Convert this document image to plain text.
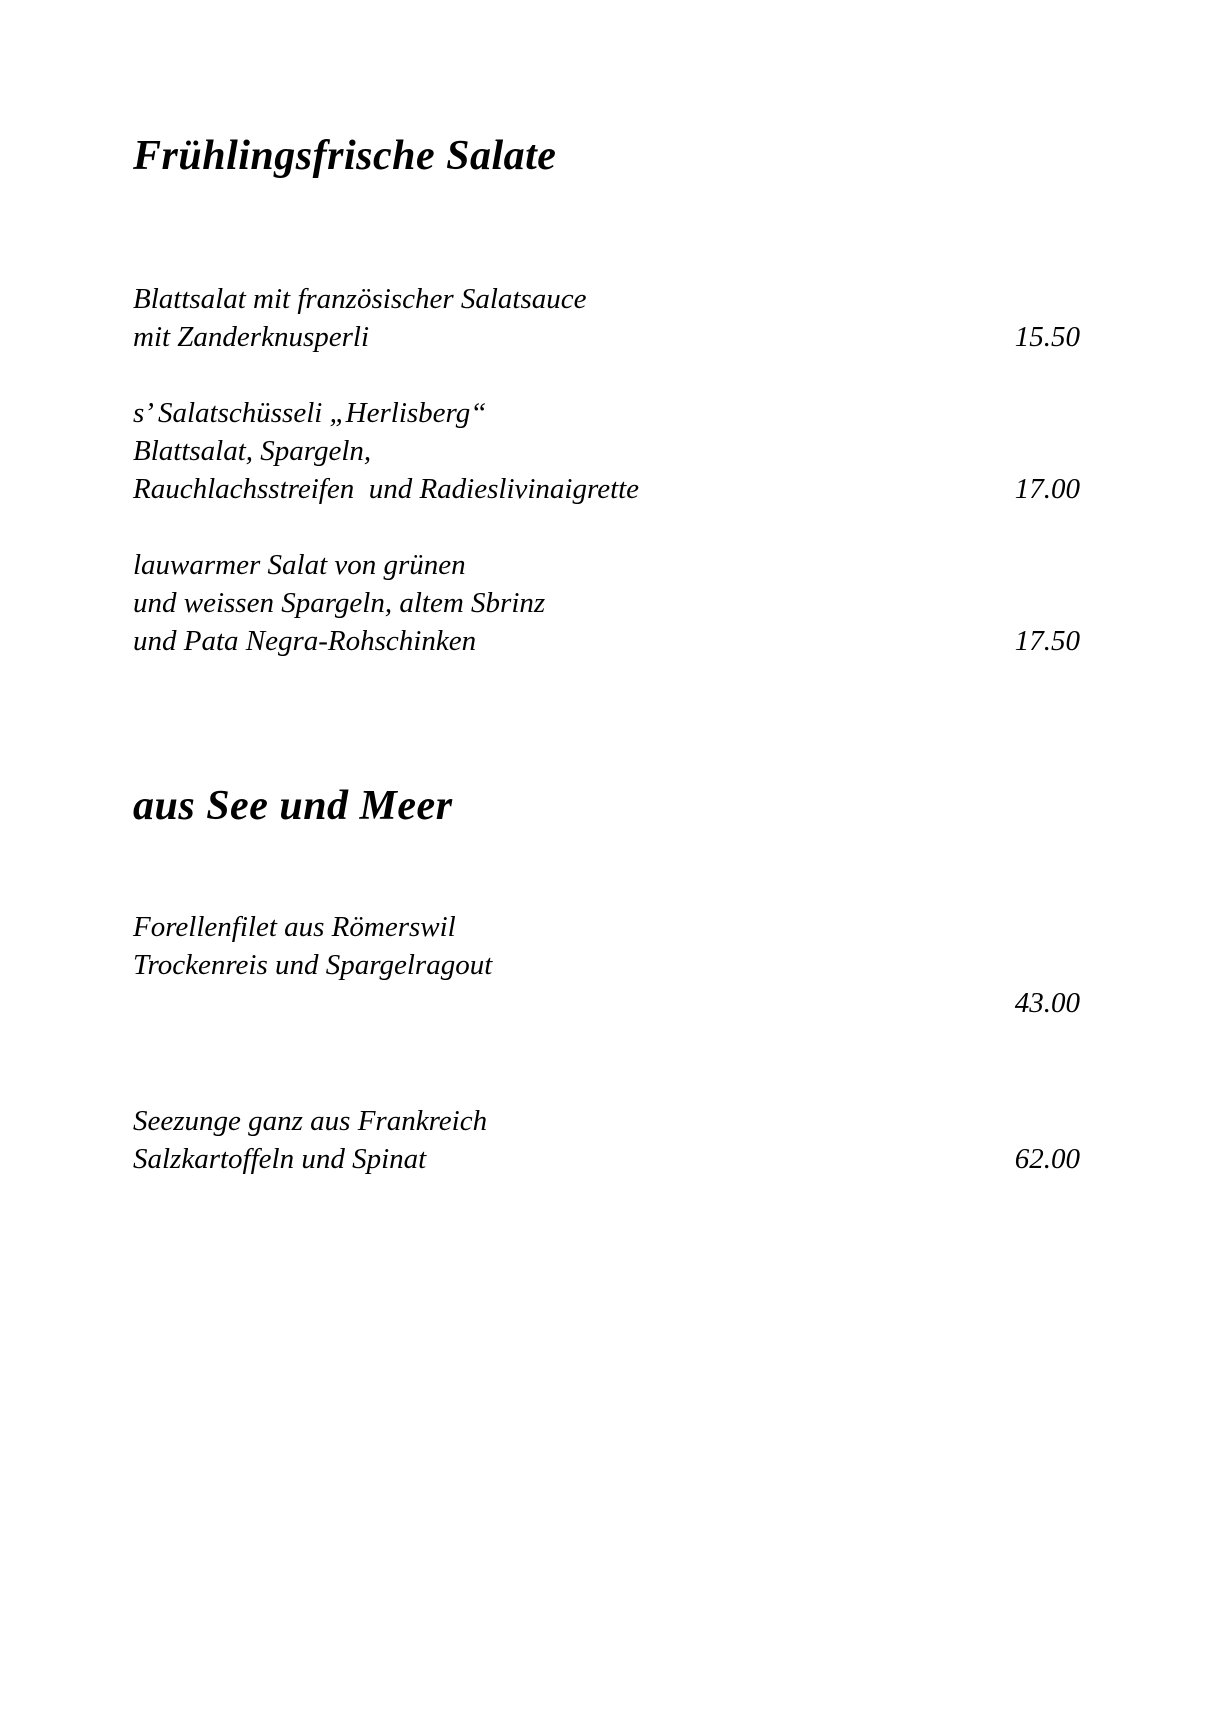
Frühlingsfrische Salate
Blattsalat mit französischer Salatsauce
mit Zanderknusperli	15.50
s’ Salatschüsseli „Herlisberg“
Blattsalat, Spargeln,
Rauchlachsstreifen  und Radieslivinaigrette	17.00
lauwarmer Salat von grünen
und weissen Spargeln, altem Sbrinz
und Pata Negra-Rohschinken	17.50
aus See und Meer
Forellenfilet aus Römerswil
Trockenreis und Spargelragout
43.00
Seezunge ganz aus Frankreich
Salzkartoffeln und Spinat	62.00
